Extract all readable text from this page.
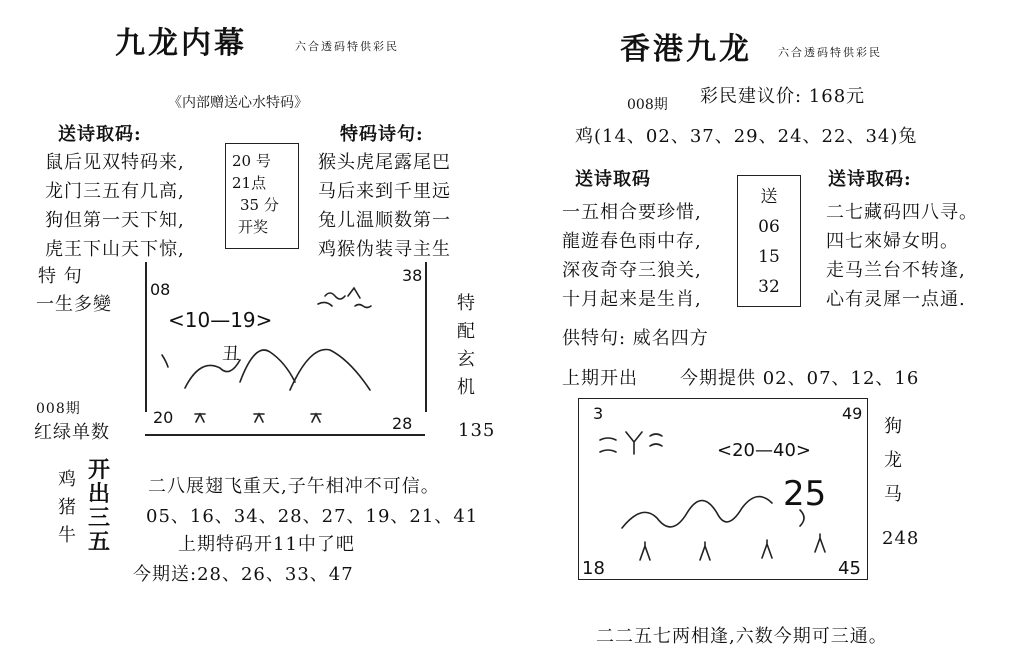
九龙内幕	六合透码特供彩民
《内部赠送心水特码》
送诗取码:
鼠后见双特码来,
龙门三五有几高,
狗但第一天下知,
虎王下山天下惊,
20 号
21点
35 分
开奖
特码诗句:
猴头虎尾露尾巴
马后来到千里远
兔儿温顺数第一
鸡猴伪装寻主生
特 句
一生多變
008期
红绿单数
08
38
<10—19>
丑
20	28
特
配
玄
机
135
鸡
猪
牛
开
出
三
五
二八展翅飞重天,子午相冲不可信。
05、16、34、28、27、19、21、41
上期特码开11中了吧
今期送:28、26、33、47
香港九龙 六合透码特供彩民
008期 彩民建议价: 168元
鸡(14、02、37、29、24、22、34)兔
送诗取码
一五相合要珍惜,
龍遊春色雨中存,
深夜奇夺三狼关,
十月起来是生肖,
送
06
15
32
送诗取码:
二七藏码四八寻。
四七來婦女明。
走马兰台不转逢,
心有灵犀一点通.
供特句: 威名四方
上期开出 今期提供 02、07、12、16
3	49
<20—40>
25
18	45
狗
龙
马
248
二二五七两相逢,六数今期可三通。
